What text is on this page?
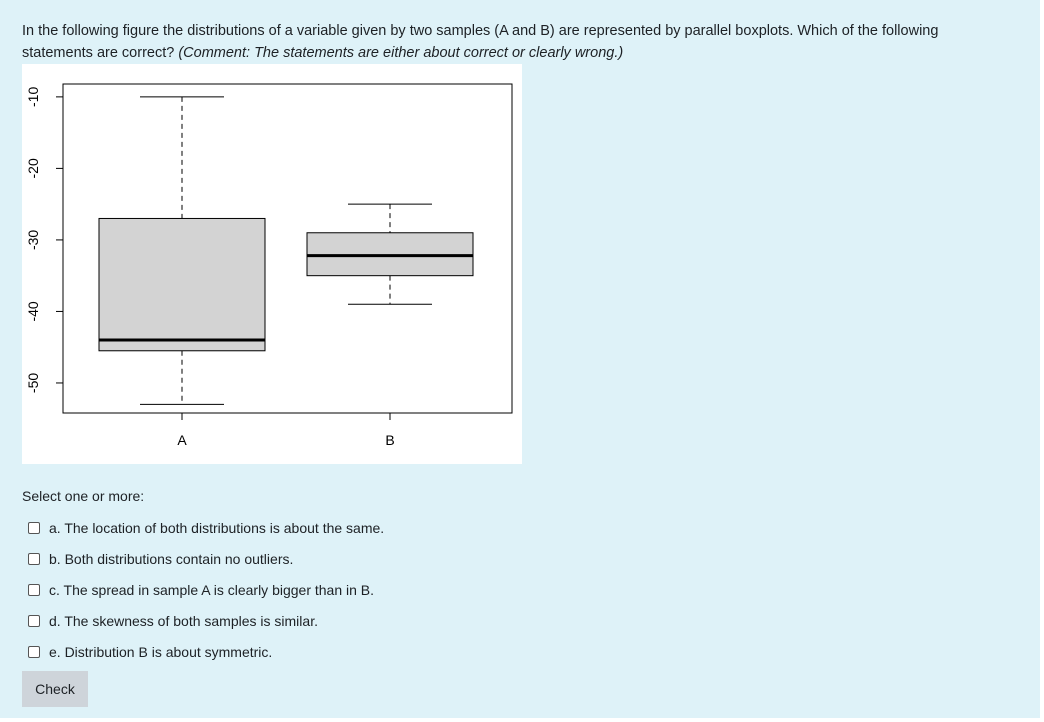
In the following figure the distributions of a variable given by two samples (A and B) are represented by parallel boxplots. Which of the following statements are correct? (Comment: The statements are either about correct or clearly wrong.)
-10
-20
-30
-40
-50
A	B
Select one or more:
a. The location of both distributions is about the same.
b. Both distributions contain no outliers.
c. The spread in sample A is clearly bigger than in B.
d. The skewness of both samples is similar.
e. Distribution B is about symmetric.
Check
